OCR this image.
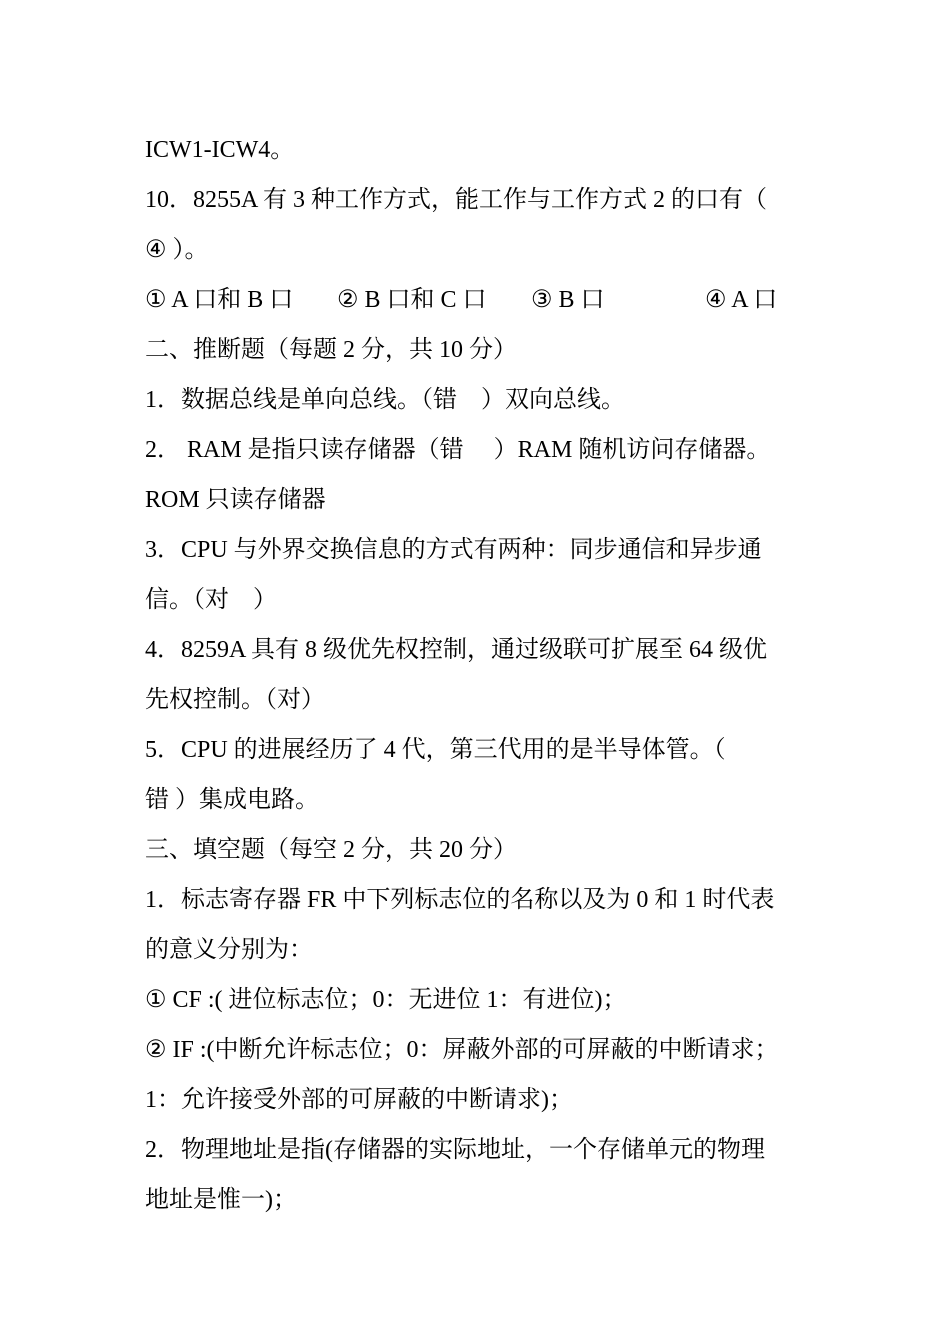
ICW1-ICW4。
10．8255A 有 3 种工作方式，能工作与工作方式 2 的口有（
④ ）。
① A 口和 B 口 ② B 口和 C 口 ③ B 口	④ A 口
二、推断题（每题 2 分，共 10 分）
1．数据总线是单向总线。（错　）双向总线。
2． RAM 是指只读存储器（错　 ）RAM 随机访问存储器。
ROM 只读存储器
3．CPU 与外界交换信息的方式有两种：同步通信和异步通
信。（对　）
4．8259A 具有 8 级优先权控制，通过级联可扩展至 64 级优
先权控制。（对）
5．CPU 的进展经历了 4 代，第三代用的是半导体管。（
错 ）集成电路。
三、填空题（每空 2 分，共 20 分）
1．标志寄存器 FR 中下列标志位的名称以及为 0 和 1 时代表
的意义分别为：
① CF :( 进位标志位；0：无进位 1：有进位)；
② IF :(中断允许标志位；0：屏蔽外部的可屏蔽的中断请求；
1：允许接受外部的可屏蔽的中断请求)；
2．物理地址是指(存储器的实际地址，一个存储单元的物理
地址是惟一)；
